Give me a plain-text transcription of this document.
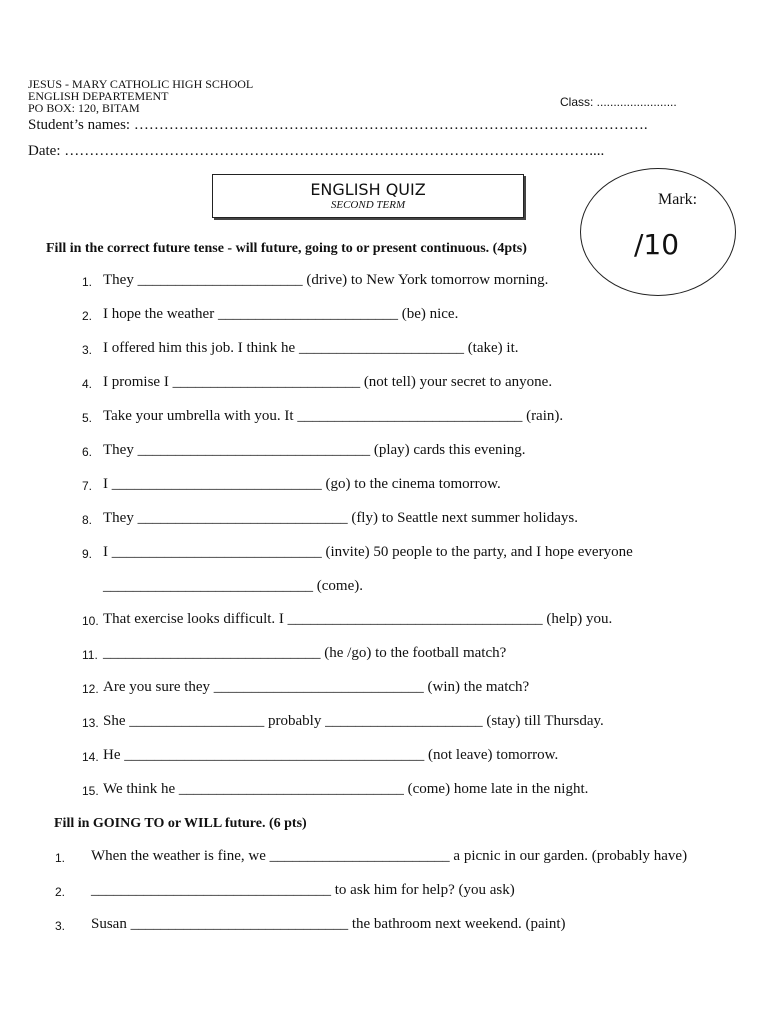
JESUS - MARY CATHOLIC HIGH SCHOOL
ENGLISH DEPARTEMENT
PO BOX: 120, BITAM	Class: ........................
Student’s names: ………………………………………………………………………………………….
Date: ……………………………………………………………………………………………....
ENGLISH QUIZ
SECOND TERM	Mark:
/10
Fill in the correct future tense - will future, going to or present continuous. (4pts)
1. They ______________________ (drive) to New York tomorrow morning.
2. I hope the weather ________________________ (be) nice.
3. I offered him this job. I think he ______________________ (take) it.
4. I promise I _________________________ (not tell) your secret to anyone.
5. Take your umbrella with you. It ______________________________ (rain).
6. They _______________________________ (play) cards this evening.
7. I ____________________________ (go) to the cinema tomorrow.
8. They ____________________________ (fly) to Seattle next summer holidays.
9. I ____________________________ (invite) 50 people to the party, and I hope everyone
____________________________ (come).
10. That exercise looks difficult. I __________________________________ (help) you.
11. _____________________________ (he /go) to the football match?
12. Are you sure they ____________________________ (win) the match?
13. She __________________ probably _____________________ (stay) till Thursday.
14. He ________________________________________ (not leave) tomorrow.
15. We think he ______________________________ (come) home late in the night.
Fill in GOING TO or WILL future. (6 pts)
1. When the weather is fine, we ________________________ a picnic in our garden. (probably have)
2. ________________________________ to ask him for help? (you ask)
3. Susan _____________________________ the bathroom next weekend. (paint)
